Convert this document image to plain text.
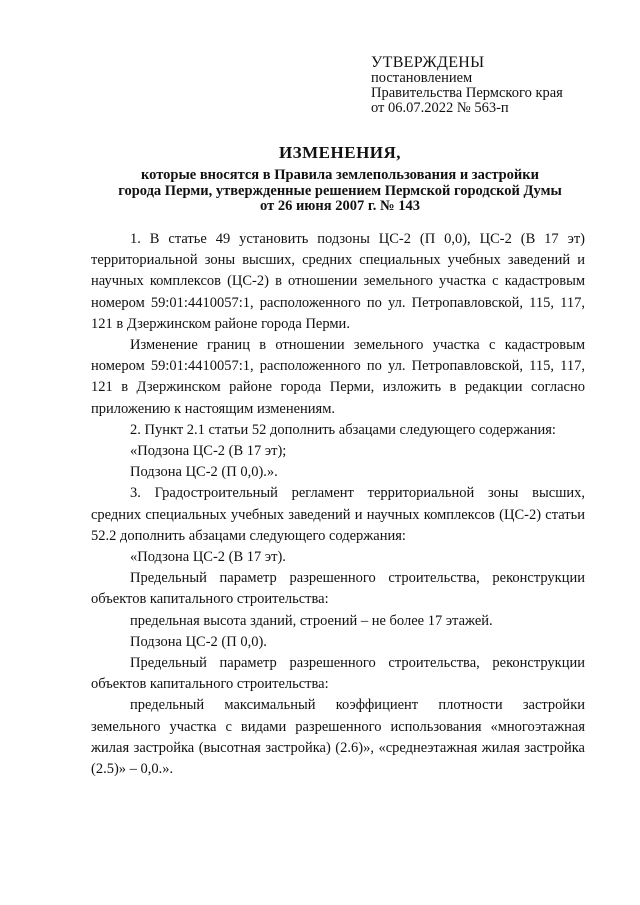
УТВЕРЖДЕНЫ
постановлением
Правительства Пермского края
от 06.07.2022 № 563-п
ИЗМЕНЕНИЯ,
которые вносятся в Правила землепользования и застройки
города Перми, утвержденные решением Пермской городской Думы
от 26 июня 2007 г. № 143

1. В статье 49 установить подзоны ЦС-2 (П 0,0), ЦС-2 (В 17 эт) территориальной зоны высших, средних специальных учебных заведений и научных комплексов (ЦС-2) в отношении земельного участка с кадастровым номером 59:01:4410057:1, расположенного по ул. Петропавловской, 115, 117, 121 в Дзержинском районе города Перми.

Изменение границ в отношении земельного участка с кадастровым номером 59:01:4410057:1, расположенного по ул. Петропавловской, 115, 117, 121 в Дзержинском районе города Перми, изложить в редакции согласно приложению к настоящим изменениям.

2. Пункт 2.1 статьи 52 дополнить абзацами следующего содержания:

«Подзона ЦС-2 (В 17 эт);

Подзона ЦС-2 (П 0,0).».

3. Градостроительный регламент территориальной зоны высших, средних специальных учебных заведений и научных комплексов (ЦС-2) статьи 52.2 дополнить абзацами следующего содержания:

«Подзона ЦС-2 (В 17 эт).

Предельный параметр разрешенного строительства, реконструкции объектов капитального строительства:

предельная высота зданий, строений – не более 17 этажей.

Подзона ЦС-2 (П 0,0).

Предельный параметр разрешенного строительства, реконструкции объектов капитального строительства:

предельный максимальный коэффициент плотности застройки земельного участка с видами разрешенного использования «многоэтажная жилая застройка (высотная застройка) (2.6)», «среднеэтажная жилая застройка (2.5)» – 0,0.».
